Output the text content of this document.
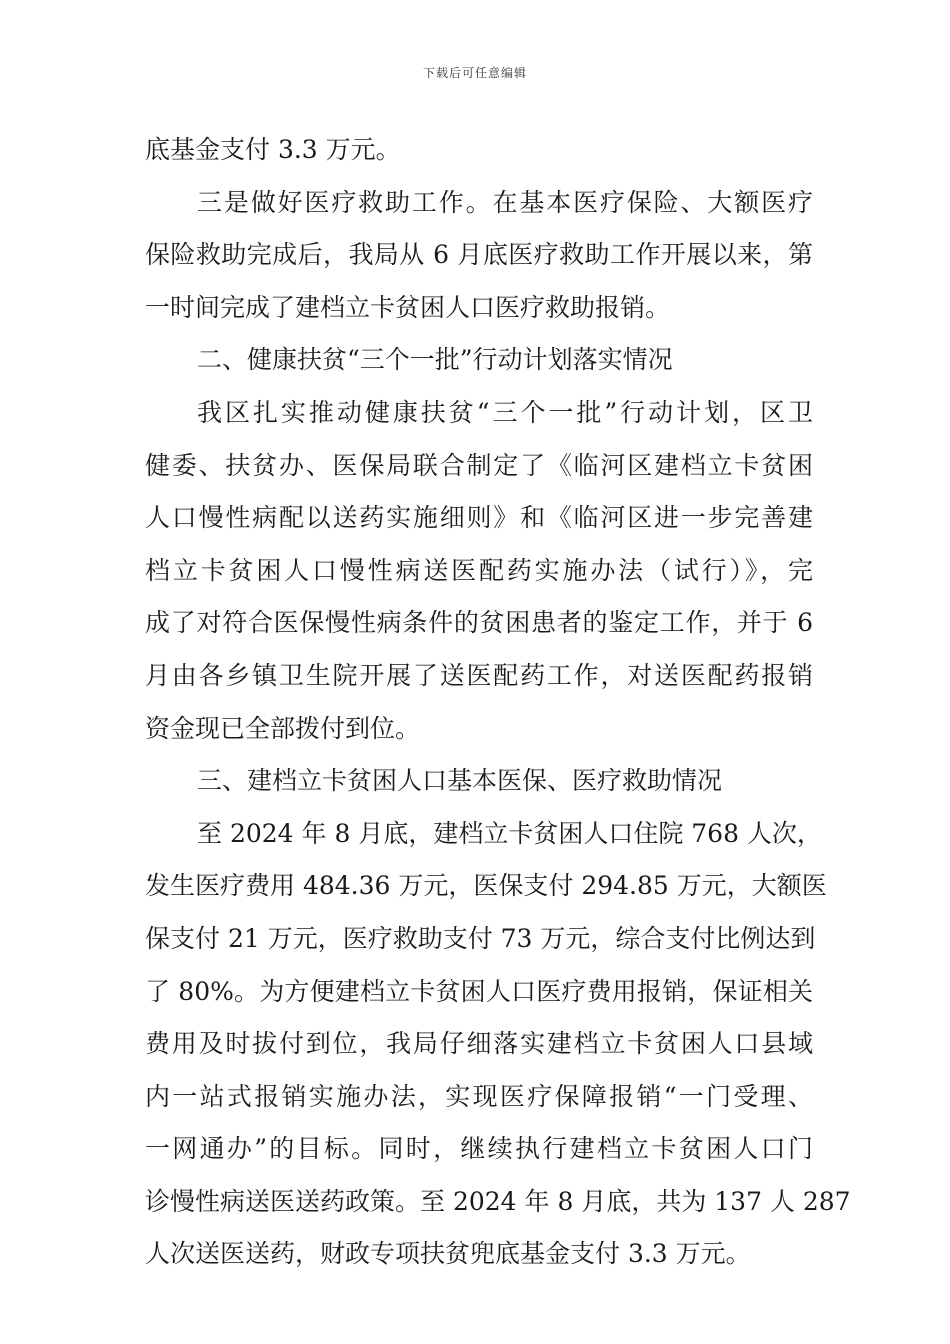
下载后可任意编辑
底基金支付 3.3 万元。
三是做好医疗救助工作。在基本医疗保险、大额医疗
保险救助完成后，我局从 6 月底医疗救助工作开展以来，第
一时间完成了建档立卡贫困人口医疗救助报销。
二、健康扶贫“三个一批”行动计划落实情况
我区扎实推动健康扶贫“三个一批”行动计划，区卫
健委、扶贫办、医保局联合制定了《临河区建档立卡贫困
人口慢性病配以送药实施细则》和《临河区进一步完善建
档立卡贫困人口慢性病送医配药实施办法（试行）》，完
成了对符合医保慢性病条件的贫困患者的鉴定工作，并于 6
月由各乡镇卫生院开展了送医配药工作，对送医配药报销
资金现已全部拨付到位。
三、建档立卡贫困人口基本医保、医疗救助情况
至 2024 年 8 月底，建档立卡贫困人口住院 768 人次，
发生医疗费用 484.36 万元，医保支付 294.85 万元，大额医
保支付 21 万元，医疗救助支付 73 万元，综合支付比例达到
了 80%。为方便建档立卡贫困人口医疗费用报销，保证相关
费用及时拔付到位，我局仔细落实建档立卡贫困人口县域
内一站式报销实施办法，实现医疗保障报销“一门受理、
一网通办”的目标。同时，继续执行建档立卡贫困人口门
诊慢性病送医送药政策。至 2024 年 8 月底，共为 137 人 287
人次送医送药，财政专项扶贫兜底基金支付 3.3 万元。
